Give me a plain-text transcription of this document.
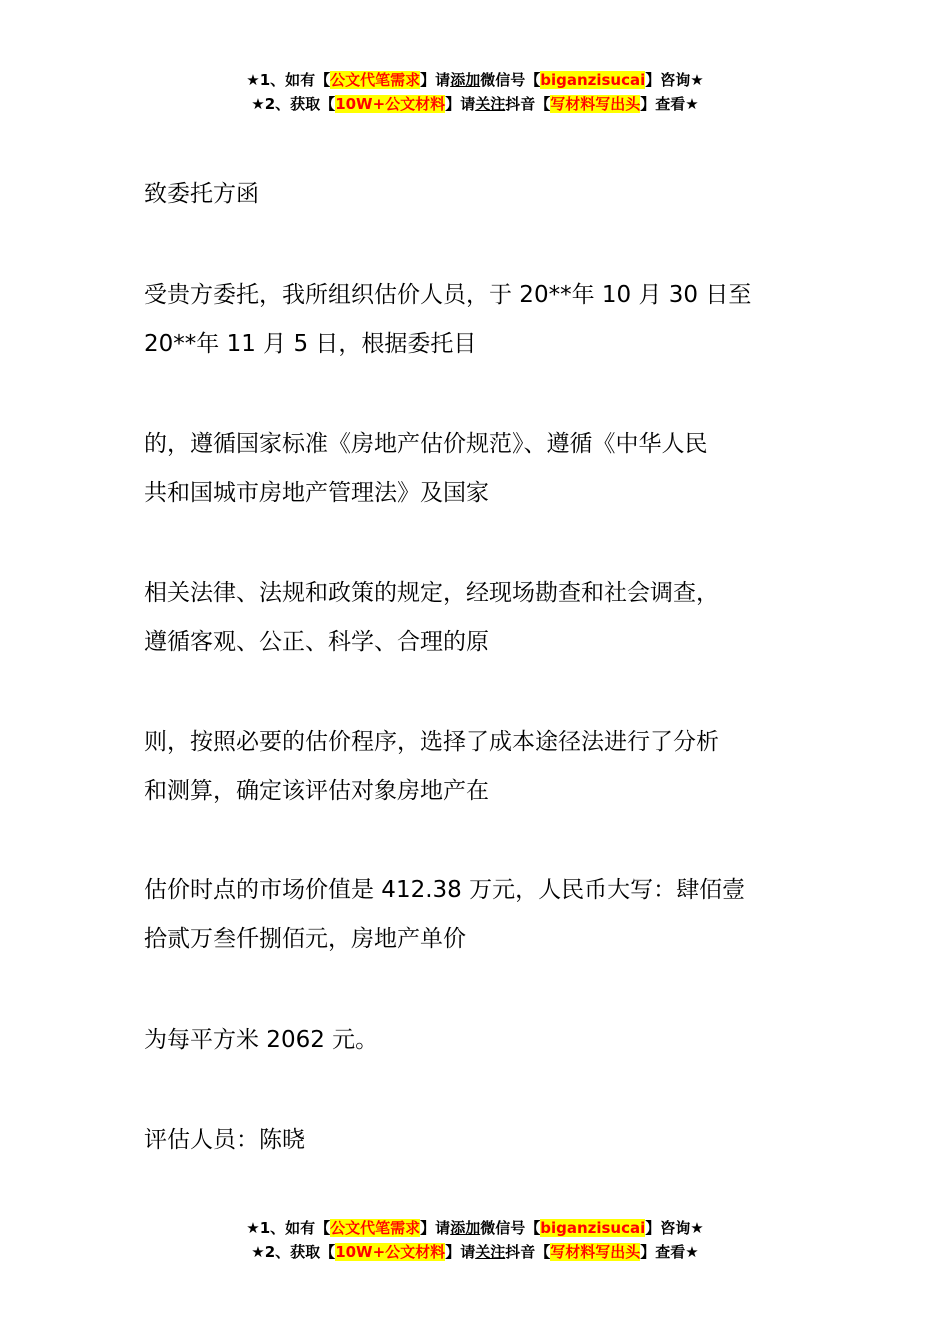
★1、如有【公文代笔需求】请添加微信号【biganzisucai】咨询★
★2、获取【10W+公文材料】请关注抖音【写材料写出头】查看★

致委托方函

受贵方委托，我所组织估价人员，于 20**年 10 月 30 日至

20**年 11 月 5 日，根据委托目

的，遵循国家标准《房地产估价规范》、遵循《中华人民

共和国城市房地产管理法》及国家

相关法律、法规和政策的规定，经现场勘查和社会调查，

遵循客观、公正、科学、合理的原

则，按照必要的估价程序，选择了成本途径法进行了分析

和测算，确定该评估对象房地产在

估价时点的市场价值是 412.38 万元，人民币大写：肆佰壹

拾贰万叁仟捌佰元，房地产单价

为每平方米 2062 元。

评估人员：陈晓

★1、如有【公文代笔需求】请添加微信号【biganzisucai】咨询★
★2、获取【10W+公文材料】请关注抖音【写材料写出头】查看★
